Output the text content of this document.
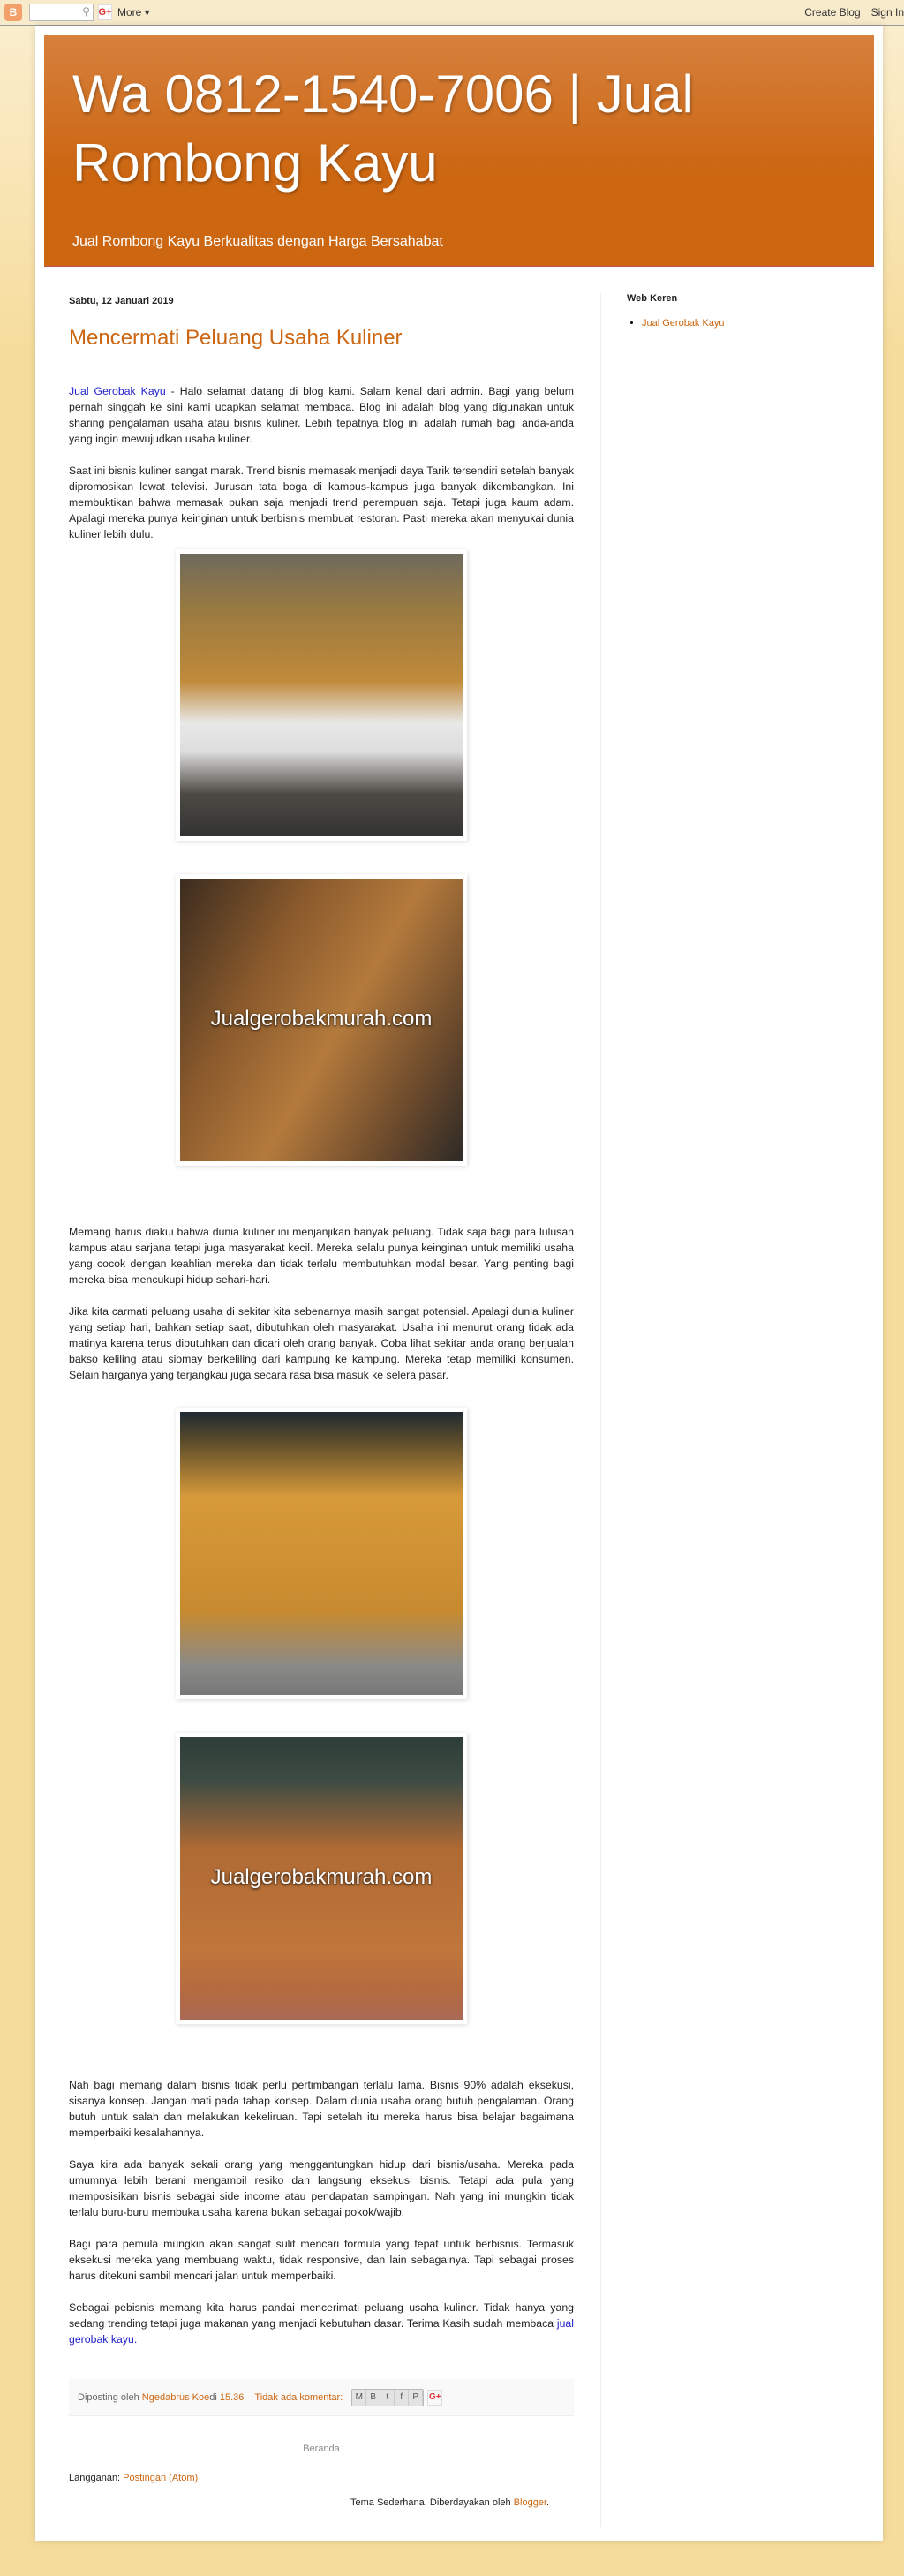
B	⚲ G+ More ▾	Create Blog Sign In
Wa 0812-1540-7006 | Jual Rombong Kayu
Jual Rombong Kayu Berkualitas dengan Harga Bersahabat
Sabtu, 12 Januari 2019
Mencermati Peluang Usaha Kuliner

Jual Gerobak Kayu - Halo selamat datang di blog kami. Salam kenal dari admin. Bagi yang belum pernah singgah ke sini kami ucapkan selamat membaca. Blog ini adalah blog yang digunakan untuk sharing pengalaman usaha atau bisnis kuliner. Lebih tepatnya blog ini adalah rumah bagi anda-anda yang ingin mewujudkan usaha kuliner.

Saat ini bisnis kuliner sangat marak. Trend bisnis memasak menjadi daya Tarik tersendiri setelah banyak dipromosikan lewat televisi. Jurusan tata boga di kampus-kampus juga banyak dikembangkan. Ini membuktikan bahwa memasak bukan saja menjadi trend perempuan saja. Tetapi juga kaum adam. Apalagi mereka punya keinginan untuk berbisnis membuat restoran. Pasti mereka akan menyukai dunia kuliner lebih dulu.

Jualgerobakmurah.com

Memang harus diakui bahwa dunia kuliner ini menjanjikan banyak peluang. Tidak saja bagi para lulusan kampus atau sarjana tetapi juga masyarakat kecil. Mereka selalu punya keinginan untuk memiliki usaha yang cocok dengan keahlian mereka dan tidak terlalu membutuhkan modal besar. Yang penting bagi mereka bisa mencukupi hidup sehari-hari.

Jika kita carmati peluang usaha di sekitar kita sebenarnya masih sangat potensial. Apalagi dunia kuliner yang setiap hari, bahkan setiap saat, dibutuhkan oleh masyarakat. Usaha ini menurut orang tidak ada matinya karena terus dibutuhkan dan dicari oleh orang banyak. Coba lihat sekitar anda orang berjualan bakso keliling atau siomay berkeliling dari kampung ke kampung. Mereka tetap memiliki konsumen. Selain harganya yang terjangkau juga secara rasa bisa masuk ke selera pasar.

Jualgerobakmurah.com

Nah bagi memang dalam bisnis tidak perlu pertimbangan terlalu lama. Bisnis 90% adalah eksekusi, sisanya konsep. Jangan mati pada tahap konsep. Dalam dunia usaha orang butuh pengalaman. Orang butuh untuk salah dan melakukan kekeliruan. Tapi setelah itu mereka harus bisa belajar bagaimana memperbaiki kesalahannya.

Saya kira ada banyak sekali orang yang menggantungkan hidup dari bisnis/usaha. Mereka pada umumnya lebih berani mengambil resiko dan langsung eksekusi bisnis. Tetapi ada pula yang memposisikan bisnis sebagai side income atau pendapatan sampingan. Nah yang ini mungkin tidak terlalu buru-buru membuka usaha karena bukan sebagai pokok/wajib.

Bagi para pemula mungkin akan sangat sulit mencari formula yang tepat untuk berbisnis. Termasuk eksekusi mereka yang membuang waktu, tidak responsive, dan lain sebagainya. Tapi sebagai proses harus ditekuni sambil mencari jalan untuk memperbaiki.

Sebagai pebisnis memang kita harus pandai mencerimati peluang usaha kuliner. Tidak hanya yang sedang trending tetapi juga makanan yang menjadi kebutuhan dasar. Terima Kasih sudah membaca jual gerobak kayu.

Diposting oleh
Ngedabrus Koe di
15.36 Tidak ada komentar:	M B	t	f	P	G+
Beranda
Langganan: Postingan (Atom)
Web Keren
• Jual Gerobak Kayu
Tema Sederhana. Diberdayakan oleh Blogger.
